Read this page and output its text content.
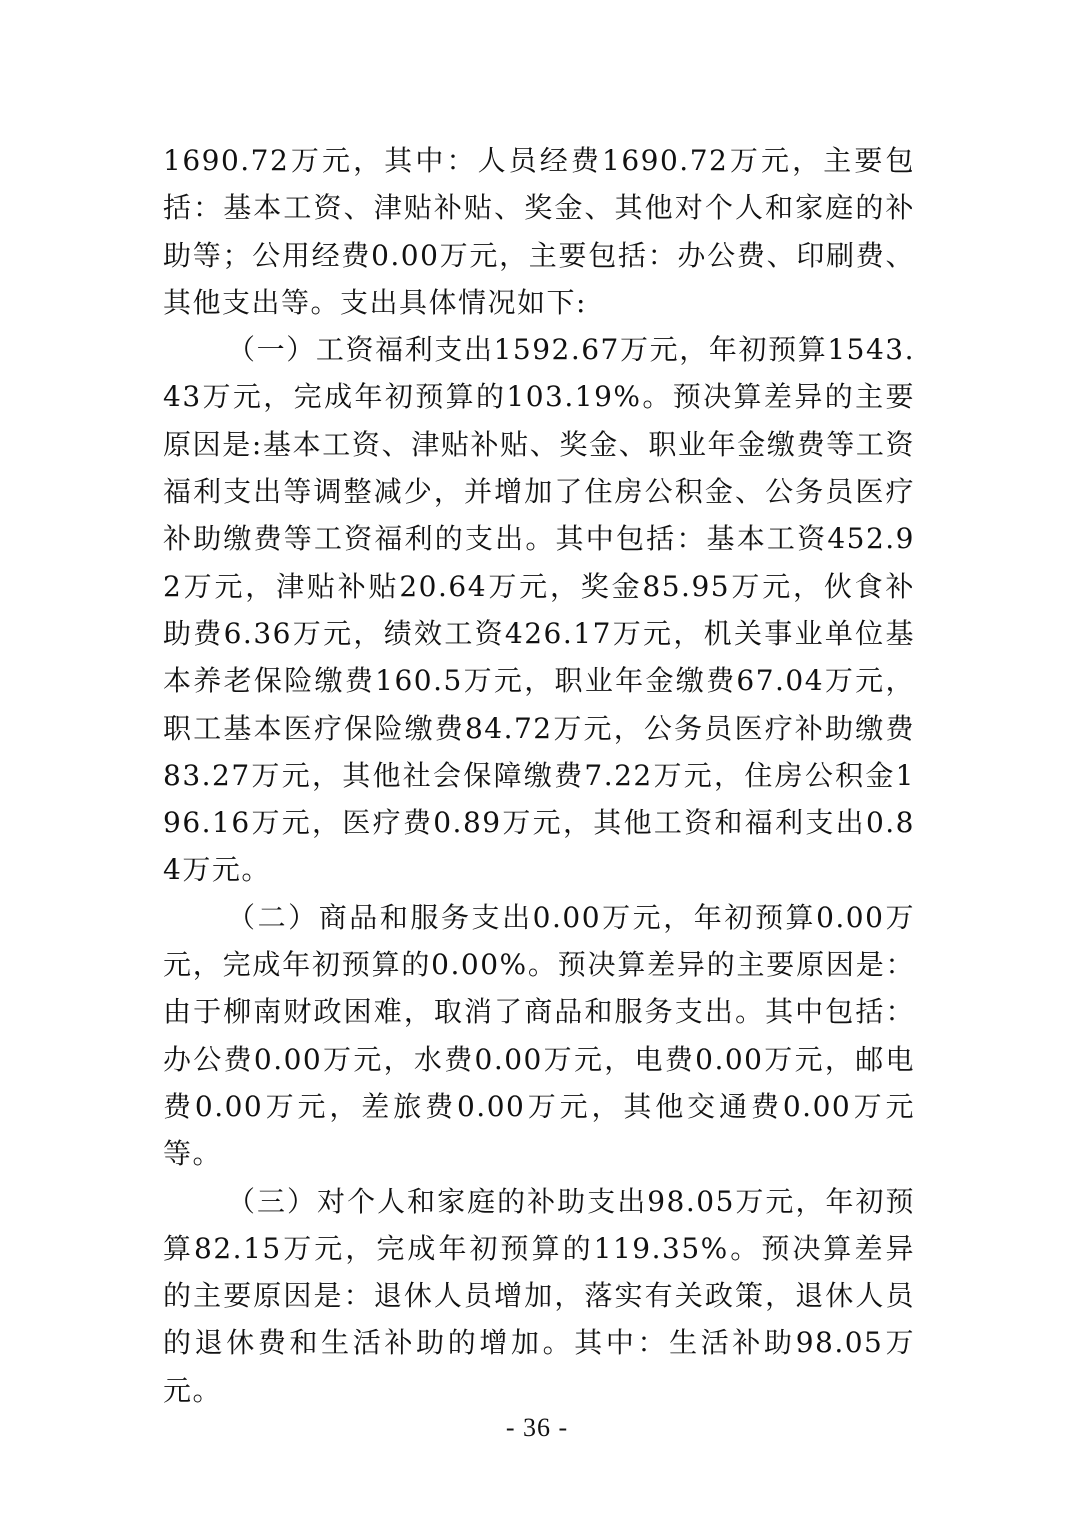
1690.72万元，其中：人员经费1690.72万元，主要包括：基本工资、津贴补贴、奖金、其他对个人和家庭的补助等；公用经费0.00万元，主要包括：办公费、印刷费、其他支出等。支出具体情况如下:

（一）工资福利支出1592.67万元，年初预算1543.43万元，完成年初预算的103.19%。预决算差异的主要原因是:基本工资、津贴补贴、奖金、职业年金缴费等工资福利支出等调整减少，并增加了住房公积金、公务员医疗补助缴费等工资福利的支出。其中包括：基本工资452.92万元，津贴补贴20.64万元，奖金85.95万元，伙食补助费6.36万元，绩效工资426.17万元，机关事业单位基本养老保险缴费160.5万元，职业年金缴费67.04万元，职工基本医疗保险缴费84.72万元，公务员医疗补助缴费83.27万元，其他社会保障缴费7.22万元，住房公积金196.16万元，医疗费0.89万元，其他工资和福利支出0.84万元。

（二）商品和服务支出0.00万元，年初预算0.00万元，完成年初预算的0.00%。预决算差异的主要原因是：由于柳南财政困难，取消了商品和服务支出。其中包括：办公费0.00万元，水费0.00万元，电费0.00万元，邮电费0.00万元，差旅费0.00万元，其他交通费0.00万元等。

（三）对个人和家庭的补助支出98.05万元，年初预算82.15万元，完成年初预算的119.35%。预决算差异的主要原因是：退休人员增加，落实有关政策，退休人员的退休费和生活补助的增加。其中：生活补助98.05万元。

- 36 -
